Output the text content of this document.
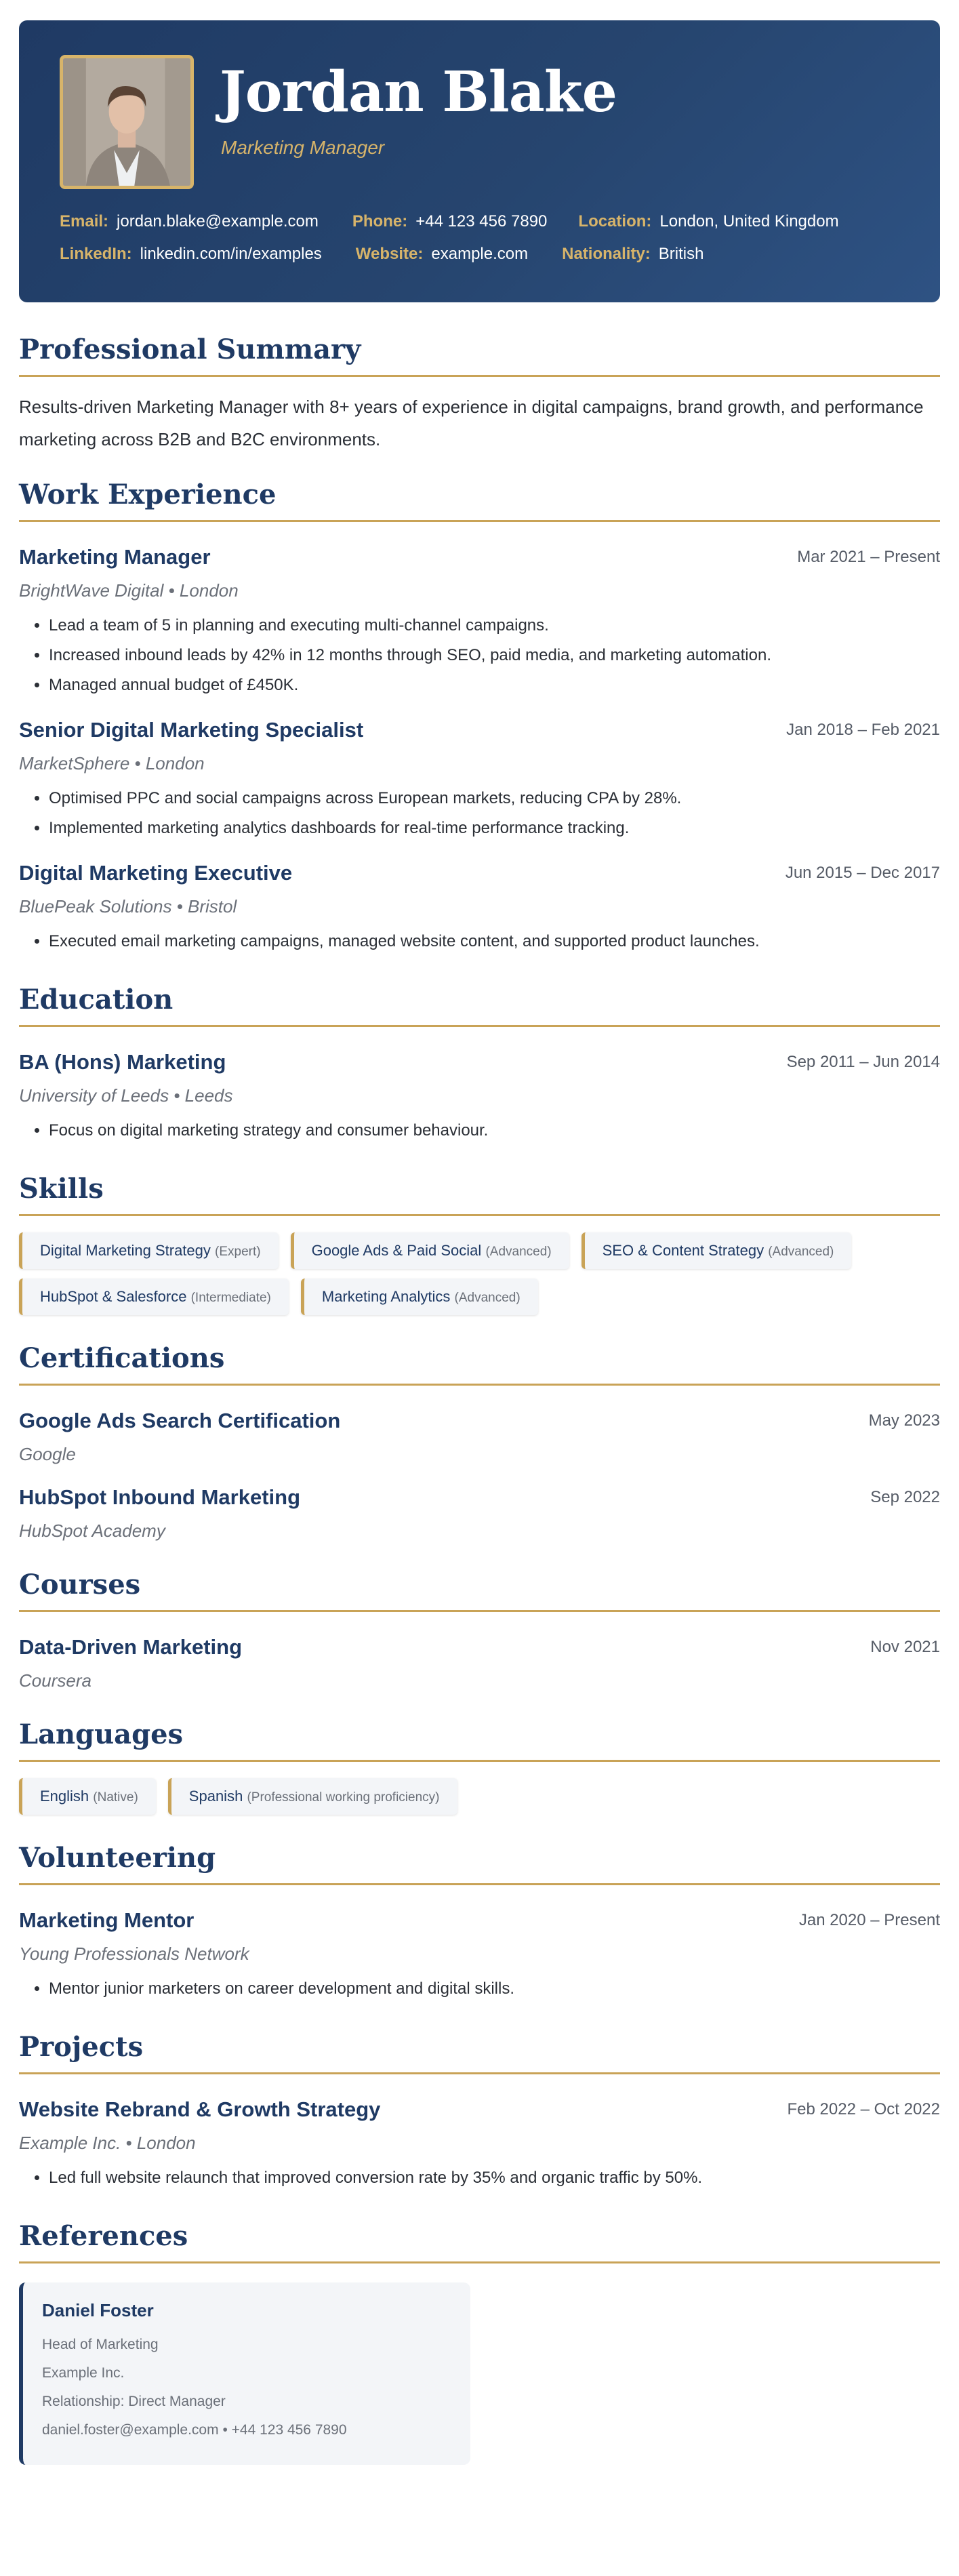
Jordan Blake
Marketing Manager
Email: jordan.blake@example.com Phone: +44 123 456 7890 Location: London, United Kingdom
LinkedIn: linkedin.com/in/examples Website: example.com Nationality: British
Professional Summary
Results-driven Marketing Manager with 8+ years of experience in digital campaigns, brand growth, and performance marketing across B2B and B2C environments.
Work Experience
Marketing Manager	Mar 2021 – Present
BrightWave Digital • London
• Lead a team of 5 in planning and executing multi-channel campaigns.
• Increased inbound leads by 42% in 12 months through SEO, paid media, and marketing automation.
• Managed annual budget of £450K.
Senior Digital Marketing Specialist	Jan 2018 – Feb 2021
MarketSphere • London
• Optimised PPC and social campaigns across European markets, reducing CPA by 28%.
• Implemented marketing analytics dashboards for real-time performance tracking.
Digital Marketing Executive	Jun 2015 – Dec 2017
BluePeak Solutions • Bristol
• Executed email marketing campaigns, managed website content, and supported product launches.
Education
BA (Hons) Marketing	Sep 2011 – Jun 2014
University of Leeds • Leeds
• Focus on digital marketing strategy and consumer behaviour.
Skills
Digital Marketing Strategy (Expert)	Google Ads & Paid Social (Advanced)	SEO & Content Strategy (Advanced)
HubSpot & Salesforce (Intermediate)	Marketing Analytics (Advanced)
Certifications
Google Ads Search Certification	May 2023
Google
HubSpot Inbound Marketing	Sep 2022
HubSpot Academy
Courses
Data-Driven Marketing	Nov 2021
Coursera
Languages
English (Native)	Spanish (Professional working proficiency)
Volunteering
Marketing Mentor	Jan 2020 – Present
Young Professionals Network
• Mentor junior marketers on career development and digital skills.
Projects
Website Rebrand & Growth Strategy	Feb 2022 – Oct 2022
Example Inc. • London
• Led full website relaunch that improved conversion rate by 35% and organic traffic by 50%.
References
Daniel Foster
Head of Marketing
Example Inc.
Relationship: Direct Manager
daniel.foster@example.com • +44 123 456 7890
